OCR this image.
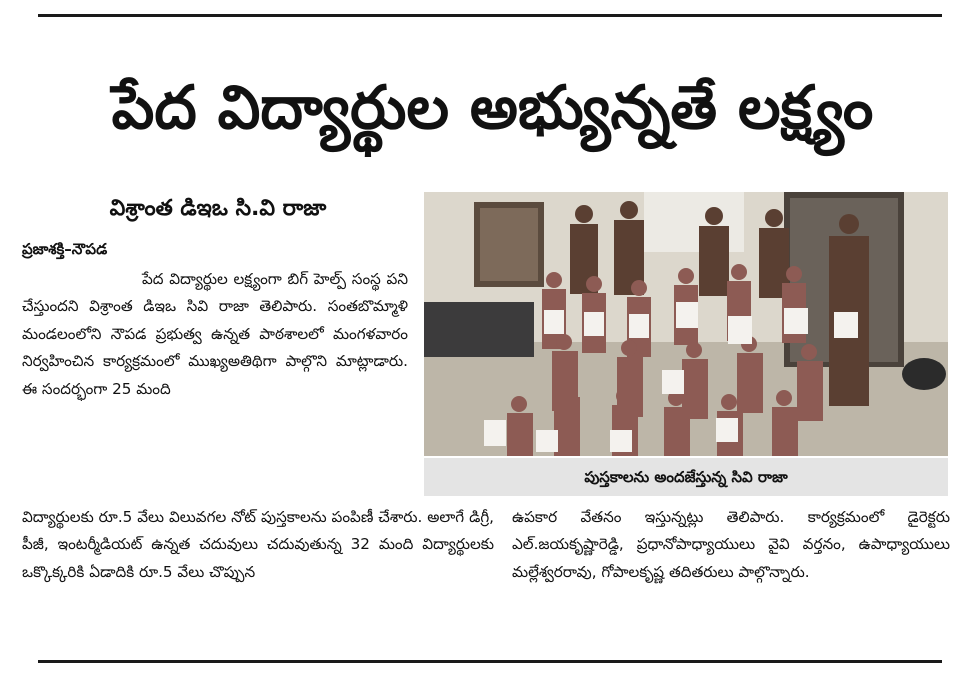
పేద విద్యార్థుల అభ్యున్నతే లక్ష్యం
విశ్రాంత డిఇఒ సి.వి రాజా
ప్రజాశక్తి–నౌపడ

పేద విద్యార్థుల లక్ష్యంగా బిగ్ హెల్ప్ సంస్థ పని చేస్తుందని విశ్రాంత డిఇఒ సివి రాజా తెలిపారు. సంతబొమ్మాళి మండలంలోని నౌపడ ప్రభుత్వ ఉన్నత పాఠశాలలో మంగళవారం నిర్వహించిన కార్యక్రమంలో ముఖ్యఅతిథిగా పాల్గొని మాట్లాడారు. ఈ సందర్భంగా 25 మంది

విద్యార్థులకు రూ.5 వేలు విలువగల నోట్ పుస్తకాలను పంపిణీ చేశారు. అలాగే డిగ్రీ, పీజీ, ఇంటర్మీడియట్ ఉన్నత చదువులు చదువుతున్న 32 మంది విద్యార్థులకు ఒక్కొక్కరికి ఏడాదికి రూ.5 వేలు చొప్పున

ఉపకార వేతనం ఇస్తున్నట్లు తెలిపారు. కార్యక్రమంలో డైరెక్టరు ఎల్.జయకృష్ణారెడ్డి, ప్రధానోపాధ్యాయులు వైవి వర్తనం, ఉపాధ్యాయులు మల్లేశ్వరరావు, గోపాలకృష్ణ తదితరులు పాల్గొన్నారు.

పుస్తకాలను అందజేస్తున్న సివి రాజా
